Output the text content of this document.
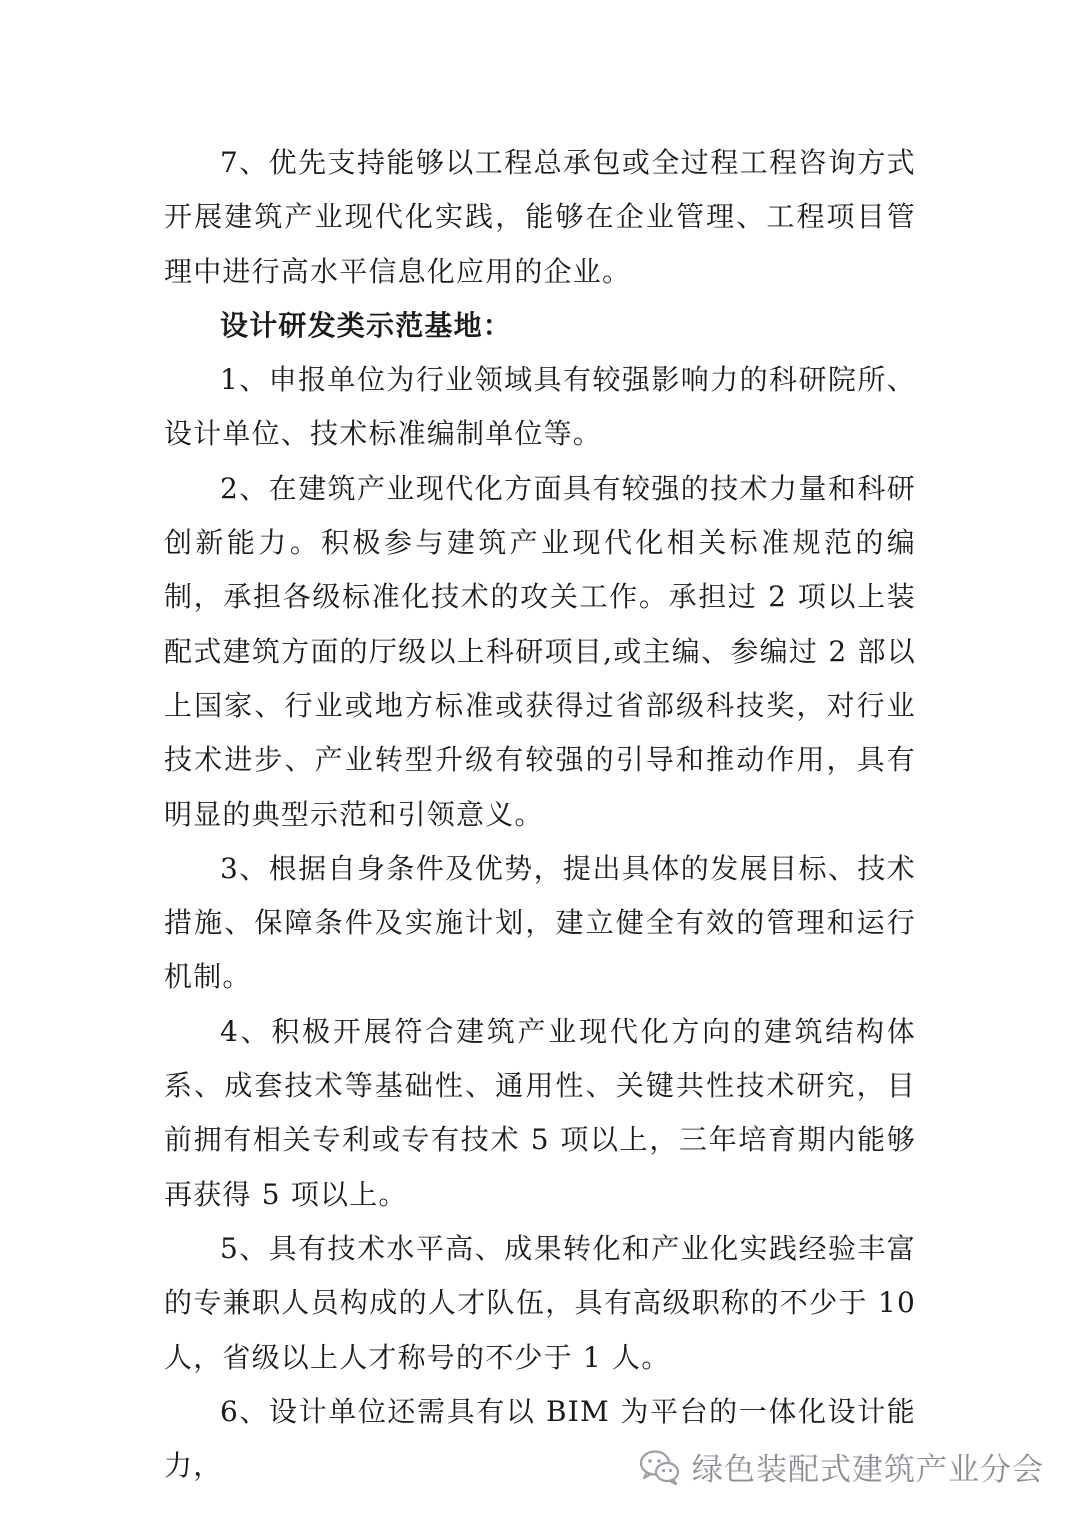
7、优先支持能够以工程总承包或全过程工程咨询方式开展建筑产业现代化实践，能够在企业管理、工程项目管理中进行高水平信息化应用的企业。

设计研发类示范基地：

1、申报单位为行业领域具有较强影响力的科研院所、设计单位、技术标准编制单位等。

2、在建筑产业现代化方面具有较强的技术力量和科研创新能力。积极参与建筑产业现代化相关标准规范的编制，承担各级标准化技术的攻关工作。承担过 2 项以上装配式建筑方面的厅级以上科研项目,或主编、参编过 2 部以上国家、行业或地方标准或获得过省部级科技奖，对行业技术进步、产业转型升级有较强的引导和推动作用，具有明显的典型示范和引领意义。

3、根据自身条件及优势，提出具体的发展目标、技术措施、保障条件及实施计划，建立健全有效的管理和运行机制。

4、积极开展符合建筑产业现代化方向的建筑结构体系、成套技术等基础性、通用性、关键共性技术研究，目前拥有相关专利或专有技术 5 项以上，三年培育期内能够再获得 5 项以上。

5、具有技术水平高、成果转化和产业化实践经验丰富的专兼职人员构成的人才队伍，具有高级职称的不少于 10 人，省级以上人才称号的不少于 1 人。

6、设计单位还需具有以 BIM 为平台的一体化设计能力，	绿色装配式建筑产业分会
